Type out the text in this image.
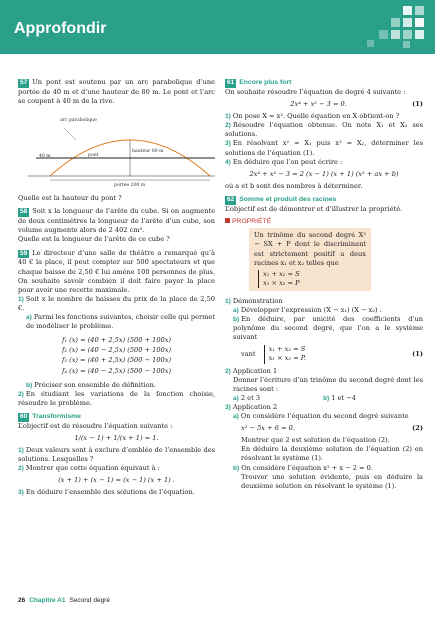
Approfondir
57 Un pont est soutenu par un arc parabolique d’une portée de 40 m et d’une hauteur de 80 m. Le pont et l’arc se coupent à 40 m de la rive.
arc parabolique
hauteur 80 m
40 m	pont
portée 200 m
Quelle est la hauteur du pont ?
58 Soit x la longueur de l’arête du cube. Si on augmente de deux centimètres la longueur de l’arête d’un cube, son volume augmente alors de 2 402 cm³.
Quelle est la longueur de l’arête de ce cube ?
59 Le directeur d’une salle de théâtre a remarqué qu’à 40 € la place, il peut compter sur 500 spectateurs et que chaque baisse de 2,50 € lui amène 100 personnes de plus. On souhaite savoir combien il doit faire payer la place pour avoir une recette maximale.
1) Soit x le nombre de baisses du prix de la place de 2,50 €.
a) Parmi les fonctions suivantes, choisir celle qui permet de modéliser le problème.
f₁ (x) = (40 + 2,5x) (500 + 100x)
f₂ (x) = (40 − 2,5x) (500 + 100x)
f₃ (x) = (40 + 2,5x) (500 − 100x)
f₄ (x) = (40 − 2,5x) (500 − 100x)
b) Préciser son ensemble de définition.
2) En étudiant les variations de la fonction choisie, résoudre le problème.
60 Transformisme
L’objectif est de résoudre l’équation suivante :
1/(x − 1) + 1/(x + 1) = 1.
1) Deux valeurs sont à exclure d’emblée de l’ensemble des solutions. Lesquelles ?
2) Montrer que cette équation équivaut à :
(x + 1) + (x − 1) = (x − 1) (x + 1) .
3) En déduire l’ensemble des solutions de l’équation.
61 Encore plus fort
On souhaite résoudre l’équation de degré 4 suivante :
2x⁴ + x² − 3 = 0.	(1)
1) On pose X = x². Quelle équation en X obtient-on ?
2) Résoudre l’équation obtenue. On note X₁ et X₂ ses solutions.
3) En résolvant x² = X₁ puis x² = X₂, déterminer les solutions de l’équation (1).
4) En déduire que l’on peut écrire :
2x⁴ + x² − 3 = 2 (x − 1) (x + 1) (x² + ax + b)
où a et b sont des nombres à déterminer.
62 Somme et produit des racines
L’objectif est de démontrer et d’illustrer la propriété.
PROPRIÉTÉ
Un trinôme du second degré X² − SX + P dont le discriminant est strictement positif a deux racines x₁ et x₂ telles que
x₁ + x₂ = S
x₁ × x₂ = P
1) Démonstration
a) Développer l’expression (X − x₁) (X − x₂) .
b) En déduire, par unicité des coefficients d’un polynôme du second degré, que l’on a le système suivant
vant
x₁ + x₂ = S
x₁ × x₂ = P.
(1)
2) Application 1
Donner l’écriture d’un trinôme du second degré dont les racines sont :
a) 2 et 3	b) 1 et −4
3) Application 2
a) On considère l’équation du second degré suivante
x² − 5x + 6 = 0.	(2)
Montrer que 2 est solution de l’équation (2).
En déduire la deuxième solution de l’équation (2) en résolvant le système (1).
b) On considère l’équation x² + x − 2 = 0.
Trouver une solution évidente, puis en déduire la deuxième solution en résolvant le système (1).
26 Chapitre A1 Second degré
